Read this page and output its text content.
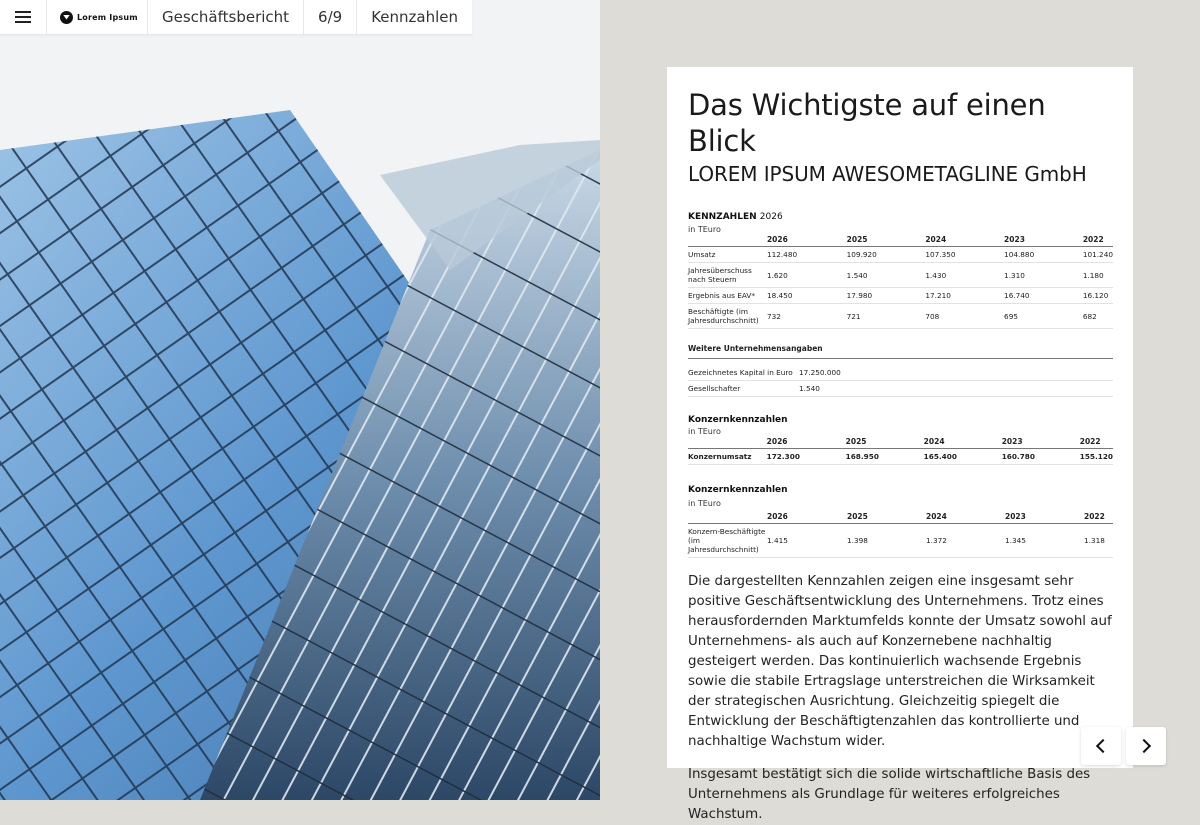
Lorem Ipsum	Geschäftsbericht	6/9	Kennzahlen
Das Wichtigste auf einen Blick
LOREM IPSUM AWESOMETAGLINE GmbH

KENNZAHLEN 2026

in TEuro

	2026	2025	2024	2023	2022
Umsatz	112.480	109.920	107.350	104.880	101.240
Jahresüberschuss nach Steuern	1.620	1.540	1.430	1.310	1.180
Ergebnis aus EAV*	18.450	17.980	17.210	16.740	16.120
Beschäftigte (im Jahresdurchschnitt)	732	721	708	695	682
Weitere Unternehmensangaben	
Gezeichnetes Kapital in Euro	17.250.000
Gesellschafter	1.540

Konzernkennzahlen

in TEuro

	2026	2025	2024	2023	2022
Konzernumsatz	172.300	168.950	165.400	160.780	155.120

Konzernkennzahlen

in TEuro

	2026	2025	2024	2023	2022
Konzern-Beschäftigte (im Jahresdurchschnitt)	1.415	1.398	1.372	1.345	1.318

Die dargestellten Kennzahlen zeigen eine insgesamt sehr positive Geschäftsentwicklung des Unternehmens. Trotz eines herausfordernden Marktumfelds konnte der Umsatz sowohl auf Unternehmens- als auch auf Konzernebene nachhaltig gesteigert werden. Das kontinuierlich wachsende Ergebnis sowie die stabile Ertragslage unterstreichen die Wirksamkeit der strategischen Ausrichtung. Gleichzeitig spiegelt die Entwicklung der Beschäftigtenzahlen das kontrollierte und nachhaltige Wachstum wider.

Insgesamt bestätigt sich die solide wirtschaftliche Basis des Unternehmens als Grundlage für weiteres erfolgreiches Wachstum.
